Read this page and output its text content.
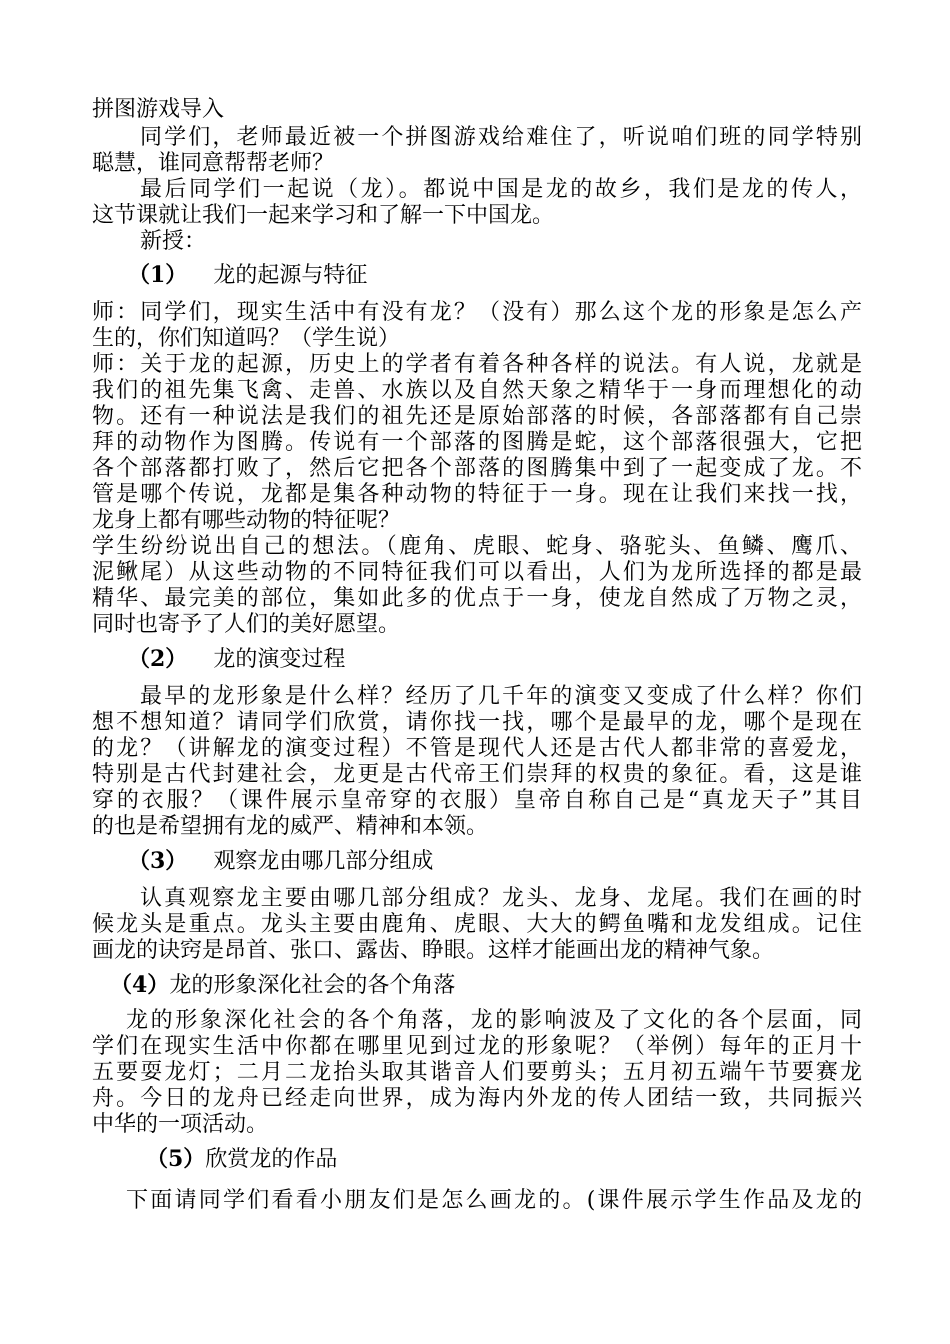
拼图游戏导入
同学们，老师最近被一个拼图游戏给难住了，听说咱们班的同学特别
聪慧，谁同意帮帮老师？
最后同学们一起说（龙）。都说中国是龙的故乡，我们是龙的传人，
这节课就让我们一起来学习和了解一下中国龙。
新授：
（1） 龙的起源与特征
师：同学们，现实生活中有没有龙？（没有）那么这个龙的形象是怎么产
生的，你们知道吗？（学生说）
师：关于龙的起源，历史上的学者有着各种各样的说法。有人说，龙就是
我们的祖先集飞禽、走兽、水族以及自然天象之精华于一身而理想化的动
物。还有一种说法是我们的祖先还是原始部落的时候，各部落都有自己崇
拜的动物作为图腾。传说有一个部落的图腾是蛇，这个部落很强大，它把
各个部落都打败了，然后它把各个部落的图腾集中到了一起变成了龙。不
管是哪个传说，龙都是集各种动物的特征于一身。现在让我们来找一找，
龙身上都有哪些动物的特征呢？
学生纷纷说出自己的想法。（鹿角、虎眼、蛇身、骆驼头、鱼鳞、鹰爪、
泥鳅尾）从这些动物的不同特征我们可以看出，人们为龙所选择的都是最
精华、最完美的部位，集如此多的优点于一身，使龙自然成了万物之灵，
同时也寄予了人们的美好愿望。
（2） 龙的演变过程
最早的龙形象是什么样？经历了几千年的演变又变成了什么样？你们
想不想知道？请同学们欣赏，请你找一找，哪个是最早的龙，哪个是现在
的龙？（讲解龙的演变过程）不管是现代人还是古代人都非常的喜爱龙，
特别是古代封建社会，龙更是古代帝王们崇拜的权贵的象征。看，这是谁
穿的衣服？（课件展示皇帝穿的衣服）皇帝自称自己是“真龙天子”其目
的也是希望拥有龙的威严、精神和本领。
（3） 观察龙由哪几部分组成
认真观察龙主要由哪几部分组成？龙头、龙身、龙尾。我们在画的时
候龙头是重点。龙头主要由鹿角、虎眼、大大的鳄鱼嘴和龙发组成。记住
画龙的诀窍是昂首、张口、露齿、睁眼。这样才能画出龙的精神气象。
（4）龙的形象深化社会的各个角落
龙的形象深化社会的各个角落，龙的影响波及了文化的各个层面，同
学们在现实生活中你都在哪里见到过龙的形象呢？（举例）每年的正月十
五要耍龙灯；二月二龙抬头取其谐音人们要剪头；五月初五端午节要赛龙
舟。今日的龙舟已经走向世界，成为海内外龙的传人团结一致，共同振兴
中华的一项活动。
（5）欣赏龙的作品
下面请同学们看看小朋友们是怎么画龙的。(课件展示学生作品及龙的
